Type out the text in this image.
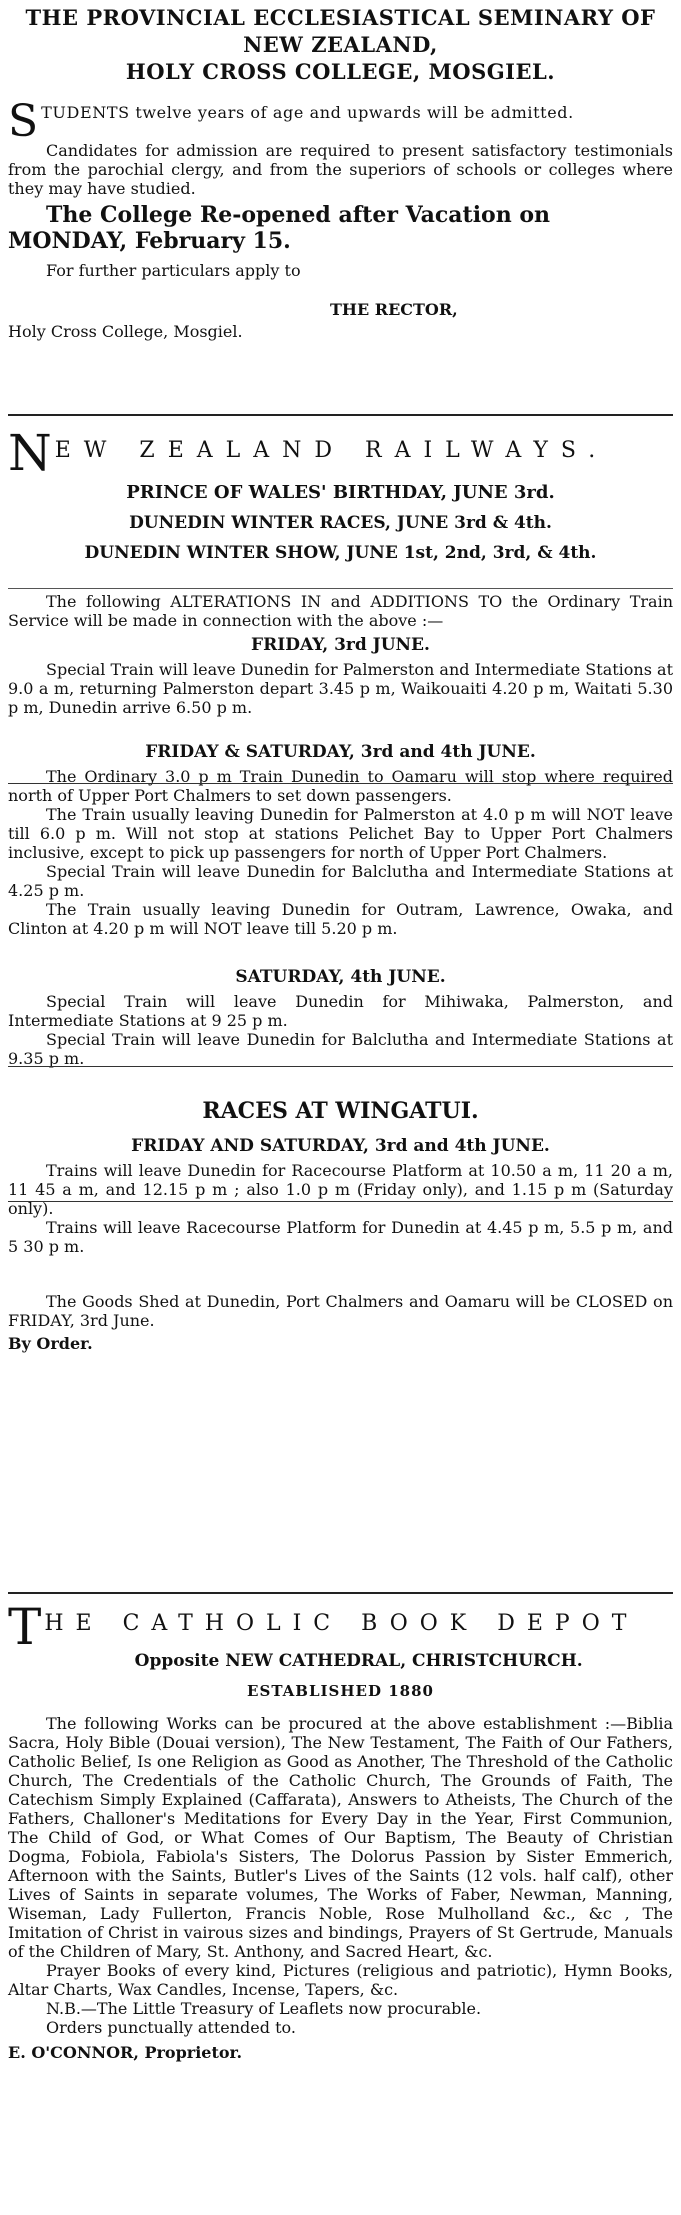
THE PROVINCIAL ECCLESIASTICAL SEMINARY OF NEW ZEALAND,
HOLY CROSS COLLEGE, MOSGIEL.
S TUDENTS twelve years of age and upwards will be admitted.
Candidates for admission are required to present satisfactory testimonials from the parochial clergy, and from the superiors of schools or colleges where they may have studied.
The College Re-opened after Vacation on
MONDAY, February 15.
For further particulars apply to
THE RECTOR,
Holy Cross College, Mosgiel.
N EW ZEALAND RAILWAYS.
PRINCE OF WALES' BIRTHDAY, JUNE 3rd.
DUNEDIN WINTER RACES, JUNE 3rd & 4th.
DUNEDIN WINTER SHOW, JUNE 1st, 2nd, 3rd, & 4th.
The following ALTERATIONS IN and ADDITIONS TO the Ordinary Train Service will be made in connection with the above :—
FRIDAY, 3rd JUNE.
Special Train will leave Dunedin for Palmerston and Intermediate Stations at 9.0 a m, returning Palmerston depart 3.45 p m, Waikouaiti 4.20 p m, Waitati 5.30 p m, Dunedin arrive 6.50 p m.
FRIDAY & SATURDAY, 3rd and 4th JUNE.
The Ordinary 3.0 p m Train Dunedin to Oamaru will stop where required north of Upper Port Chalmers to set down passengers.
The Train usually leaving Dunedin for Palmerston at 4.0 p m will NOT leave till 6.0 p m. Will not stop at stations Pelichet Bay to Upper Port Chalmers inclusive, except to pick up passengers for north of Upper Port Chalmers.
Special Train will leave Dunedin for Balclutha and Intermediate Stations at 4.25 p m.
The Train usually leaving Dunedin for Outram, Lawrence, Owaka, and Clinton at 4.20 p m will NOT leave till 5.20 p m.
SATURDAY, 4th JUNE.
Special Train will leave Dunedin for Mihiwaka, Palmerston, and Intermediate Stations at 9 25 p m.
Special Train will leave Dunedin for Balclutha and Intermediate Stations at 9.35 p m.
RACES AT WINGATUI.
FRIDAY AND SATURDAY, 3rd and 4th JUNE.
Trains will leave Dunedin for Racecourse Platform at 10.50 a m, 11 20 a m, 11 45 a m, and 12.15 p m ; also 1.0 p m (Friday only), and 1.15 p m (Saturday only).
Trains will leave Racecourse Platform for Dunedin at 4.45 p m, 5.5 p m, and 5 30 p m.
The Goods Shed at Dunedin, Port Chalmers and Oamaru will be CLOSED on FRIDAY, 3rd June.
By Order.
T HE CATHOLIC BOOK DEPOT
Opposite NEW CATHEDRAL, CHRISTCHURCH.
ESTABLISHED 1880
The following Works can be procured at the above establishment :—Biblia Sacra, Holy Bible (Douai version), The New Testament, The Faith of Our Fathers, Catholic Belief, Is one Religion as Good as Another, The Threshold of the Catholic Church, The Credentials of the Catholic Church, The Grounds of Faith, The Catechism Simply Explained (Caffarata), Answers to Atheists, The Church of the Fathers, Challoner's Meditations for Every Day in the Year, First Communion, The Child of God, or What Comes of Our Baptism, The Beauty of Christian Dogma, Fobiola, Fabiola's Sisters, The Dolorus Passion by Sister Emmerich, Afternoon with the Saints, Butler's Lives of the Saints (12 vols. half calf), other Lives of Saints in separate volumes, The Works of Faber, Newman, Manning, Wiseman, Lady Fullerton, Francis Noble, Rose Mulholland &c., &c , The Imitation of Christ in vairous sizes and bindings, Prayers of St Gertrude, Manuals of the Children of Mary, St. Anthony, and Sacred Heart, &c.
Prayer Books of every kind, Pictures (religious and patriotic), Hymn Books, Altar Charts, Wax Candles, Incense, Tapers, &c.
N.B.—The Little Treasury of Leaflets now procurable.
Orders punctually attended to.
E. O'CONNOR, Proprietor.
